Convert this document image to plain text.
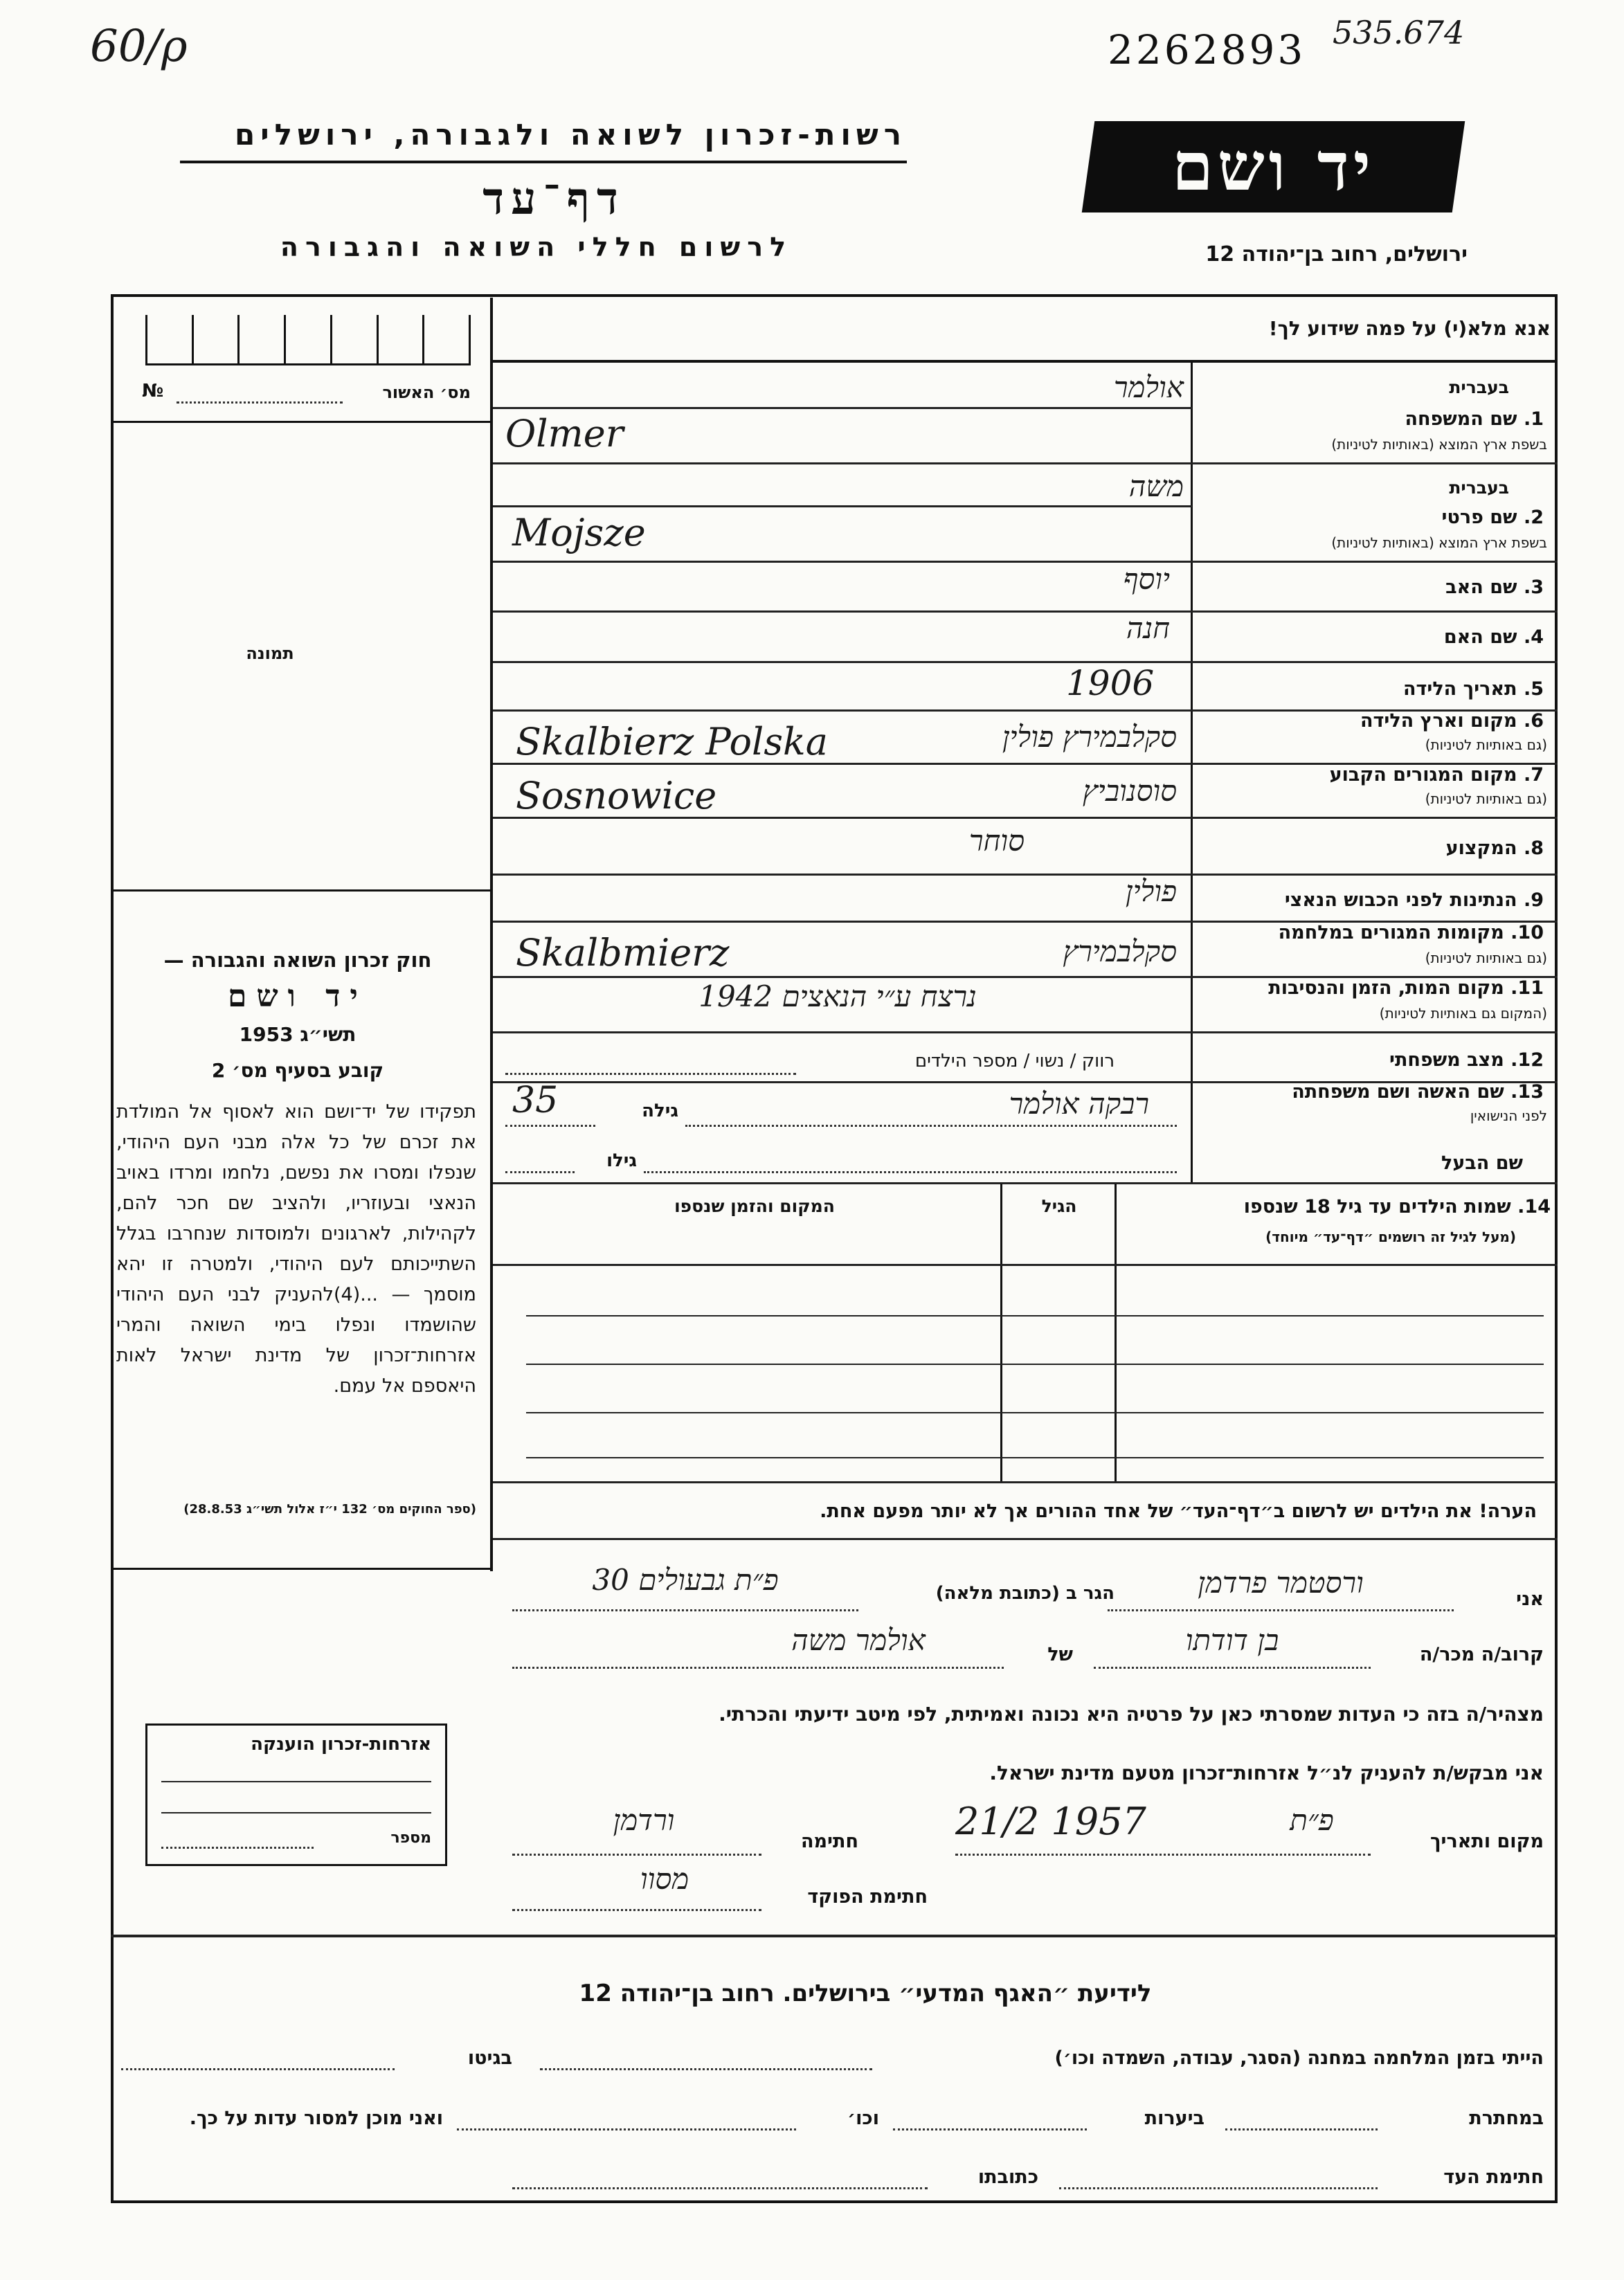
60/ρ	2262893 535.674
רשות-זכרון לשואה ולגבורה, ירושלים
דף־עד
לרשום חללי השואה והגבורה
יד ושם
ירושלים, רחוב בן־יהודה 12
אנא מלא(י) על פמה שידוע לך!
מס׳ האשור
№
תמונה
חוק זכרון השואה והגבורה —
יד ושם
תשי״ג 1953
קובע בסעיף מס׳ 2
תפקידו של יד־ושם הוא לאסוף אל המולדת את זכרם של כל אלה מבני העם היהודי, שנפלו ומסרו את נפשם, נלחמו ומרדו באויב הנאצי ובעוזריו, ולהציב שם חכר להם, לקהילות, לארגונים ולמוסדות שנחרבו בגלל השתייכותם לעם היהודי, ולמטרה זו יהא מוסמך — ...(4)להעניק לבני העם היהודי שהושמדו ונפלו בימי השואה והמרי אזרחות־זכרון של מדינת ישראל לאות היאספם אל עמם.
(ספר החוקים מס׳ 132 י״ז אלול תשי״ג 28.8.53)
בעברית
1. שם המשפחה
בשפת ארץ המוצא (באותיות לטיניות)
אולמר
Olmer
בעברית
2. שם פרטי
בשפת ארץ המוצא (באותיות לטיניות)
משה
Mojsze
3. שם האב
יוסף
4. שם האם
חנה
5. תאריך הלידה
1906
6. מקום וארץ הלידה
(גם באותיות לטיניות)
סקלבמירץ פולין
Skalbierz Polska
7. מקום המגורים הקבוע
(גם באותיות לטיניות)
סוסנוביץ
Sosnowice
8. המקצוע
סוחר
9. הנתינות לפני הכבוש הנאצי
פולין
10. מקומות המגורים במלחמה
(גם באותיות לטיניות)
סקלבמירץ
Skalbmierz
11. מקום המות, הזמן והנסיבות
(המקום גם באותיות לטיניות)
נרצח ע״י הנאצים 1942
12. מצב משפחתי
רווק / נשוי / מספר הילדים
13. שם האשה ושם משפחתה
לפני הנישואין
רבקה אולמר
גילה
35
שם הבעל
גילו
14. שמות הילדים עד גיל 18 שנספו
(מעל לגיל זה רושמים ״דף־עד״ מיוחד)
הגיל
המקום והזמן שנספו
הערה! את הילדים יש לרשום ב״דף־העד״ של אחד ההורים אך לא יותר מפעם אחת.
אני
ורסטמר פרדמן
הגר ב (כתובת מלאה)
פ״ת גבעולים 30
קרוב/ה מכר/ה
בן דודתו
של
אולמר משה
מצהיר/ה בזה כי העדות שמסרתי כאן על פרטיה היא נכונה ואמיתית, לפי מיטב ידיעתי והכרתי.
אני מבקש/ת להעניק לנ״ל אזרחות־זכרון מטעם מדינת ישראל.
מקום ותאריך
פ״ת
21/2 1957
חתימה
ורדמן
חתימת הפוקד
מסוו
אזרחות-זכרון הוענקה
מספר
לידיעת ״האגף המדעי״ בירושלים. רחוב בן־יהודה 12
הייתי בזמן המלחמה במחנה (הסגר, עבודה, השמדה וכו׳)
בגיטו
במחתרת
ביערות
וכו׳
ואני מוכן למסור עדות על כך.
חתימת העד
כתובתו
